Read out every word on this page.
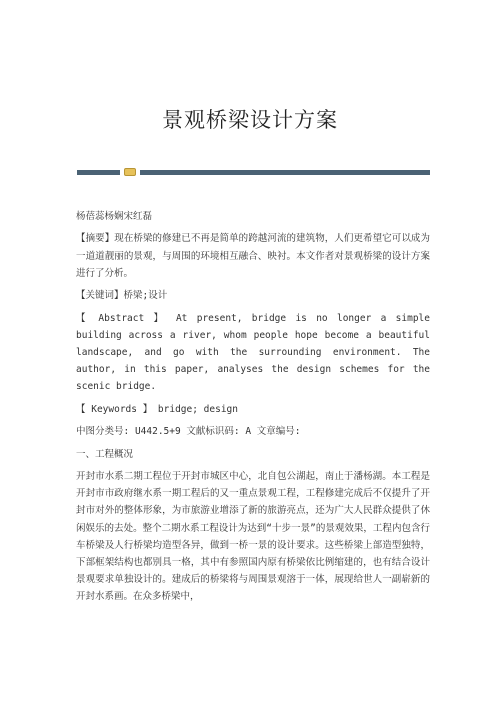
景观桥梁设计方案

杨蓓蕊杨娴宋红磊

【摘要】现在桥梁的修建已不再是简单的跨越河流的建筑物，人们更希望它可以成为一道道靓丽的景观，与周围的环境相互融合、映衬。本文作者对景观桥梁的设计方案进行了分析。

【关键词】桥梁;设计

【 Abstract 】 At present, bridge is no longer a simple building across a river, whom people hope become a beautiful landscape, and go with the surrounding environment. The author, in this paper, analyses the design schemes for the scenic bridge.

【 Keywords 】 bridge; design

中图分类号: U442.5+9 文献标识码: A 文章编号:

一、工程概况

开封市水系二期工程位于开封市城区中心，北自包公湖起，南止于潘杨湖。本工程是开封市市政府继水系一期工程后的又一重点景观工程，工程修建完成后不仅提升了开封市对外的整体形象，为市旅游业增添了新的旅游亮点，还为广大人民群众提供了休闲娱乐的去处。整个二期水系工程设计为达到“十步一景”的景观效果，工程内包含行车桥梁及人行桥梁均造型各异，做到一桥一景的设计要求。这些桥梁上部造型独特，下部框架结构也都别具一格，其中有参照国内原有桥梁依比例缩建的，也有结合设计景观要求单独设计的。建成后的桥梁将与周围景观溶于一体，展现给世人一副崭新的开封水系画。在众多桥梁中，
